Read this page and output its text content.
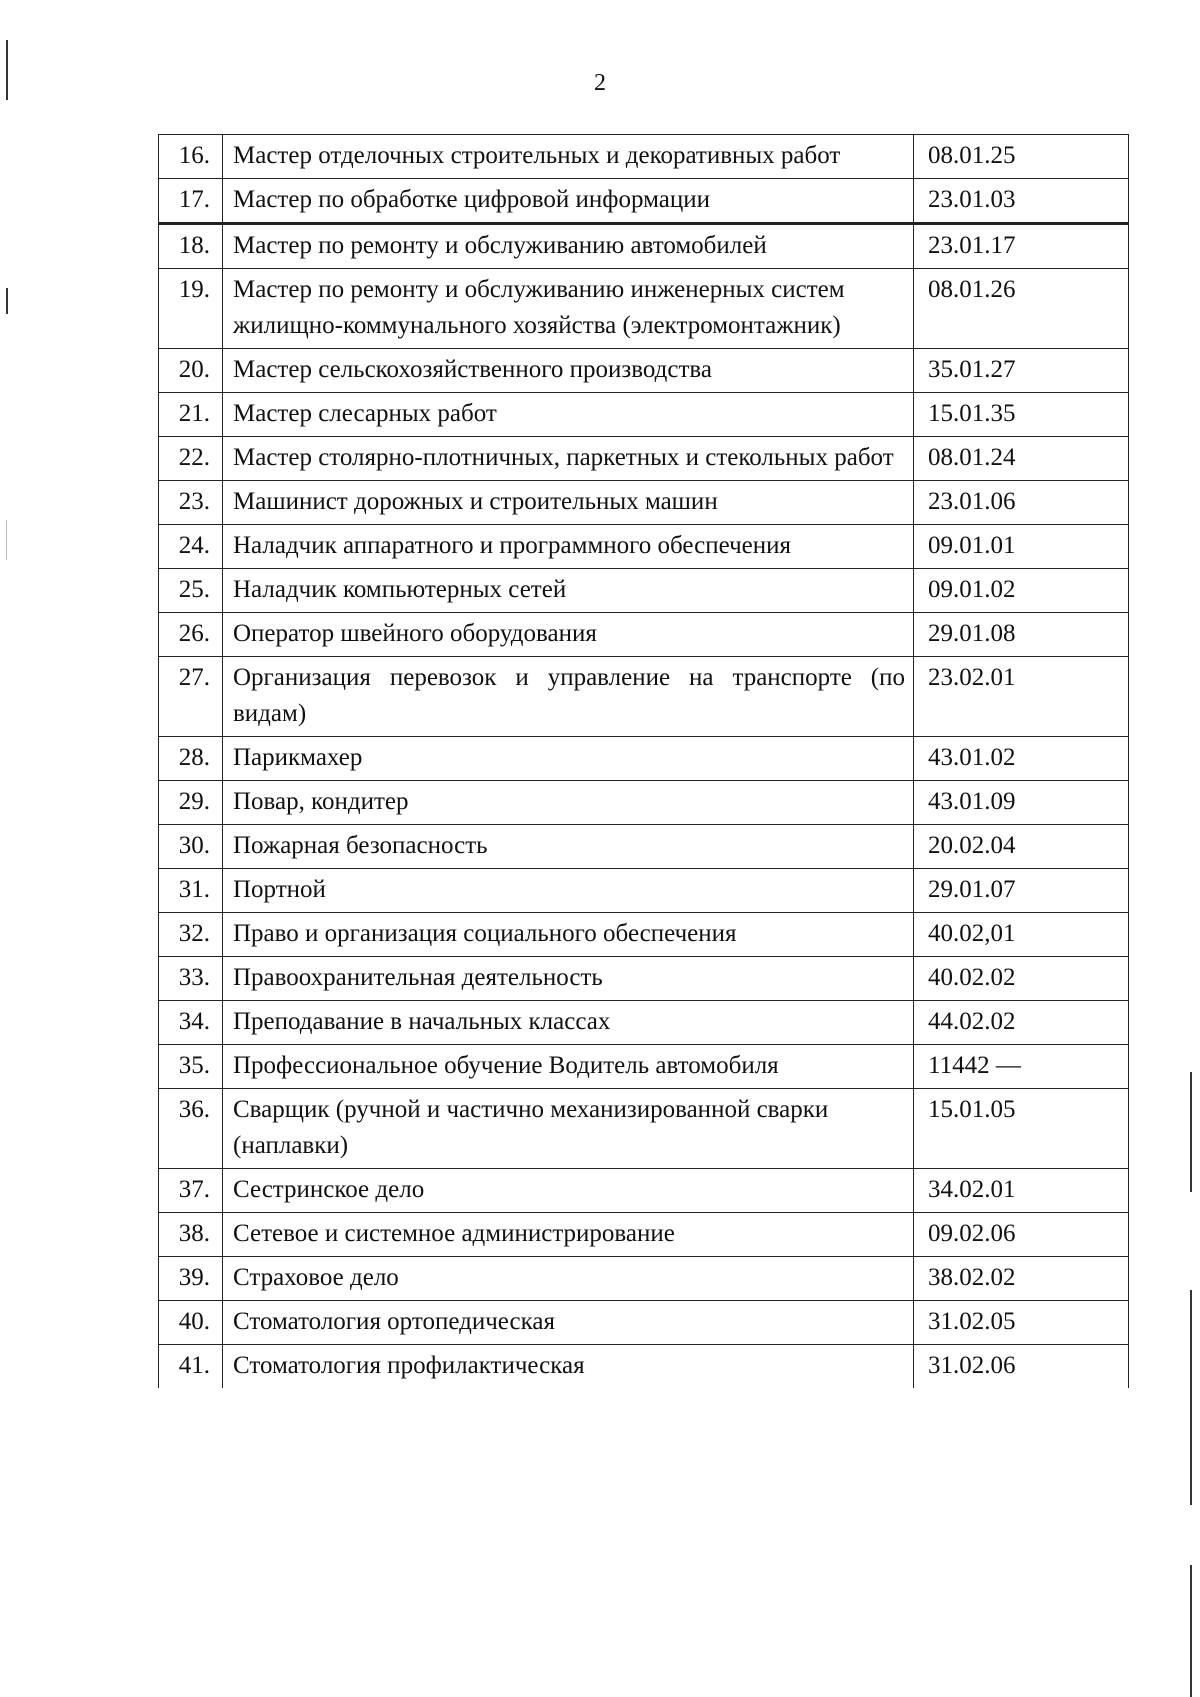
2
16.	Мастер отделочных строительных и декоративных работ	08.01.25
17.	Мастер по обработке цифровой информации	23.01.03
18.	Мастер по ремонту и обслуживанию автомобилей	23.01.17
19.	Мастер по ремонту и обслуживанию инженерных систем жилищно-коммунального хозяйства (электромонтажник)	08.01.26
20.	Мастер сельскохозяйственного производства	35.01.27
21.	Мастер слесарных работ	15.01.35
22.	Мастер столярно-плотничных, паркетных и стекольных работ	08.01.24
23.	Машинист дорожных и строительных машин	23.01.06
24.	Наладчик аппаратного и программного обеспечения	09.01.01
25.	Наладчик компьютерных сетей	09.01.02
26.	Оператор швейного оборудования	29.01.08
27.	Организация перевозок и управление на транспорте (по видам)	23.02.01
28.	Парикмахер	43.01.02
29.	Повар, кондитер	43.01.09
30.	Пожарная безопасность	20.02.04
31.	Портной	29.01.07
32.	Право и организация социального обеспечения	40.02,01
33.	Правоохранительная деятельность	40.02.02
34.	Преподавание в начальных классах	44.02.02
35.	Профессиональное обучение Водитель автомобиля	11442 —
36.	Сварщик (ручной и частично механизированной сварки (наплавки)	15.01.05
37.	Сестринское дело	34.02.01
38.	Сетевое и системное администрирование	09.02.06
39.	Страховое дело	38.02.02
40.	Стоматология ортопедическая	31.02.05
41.	Стоматология профилактическая	31.02.06
